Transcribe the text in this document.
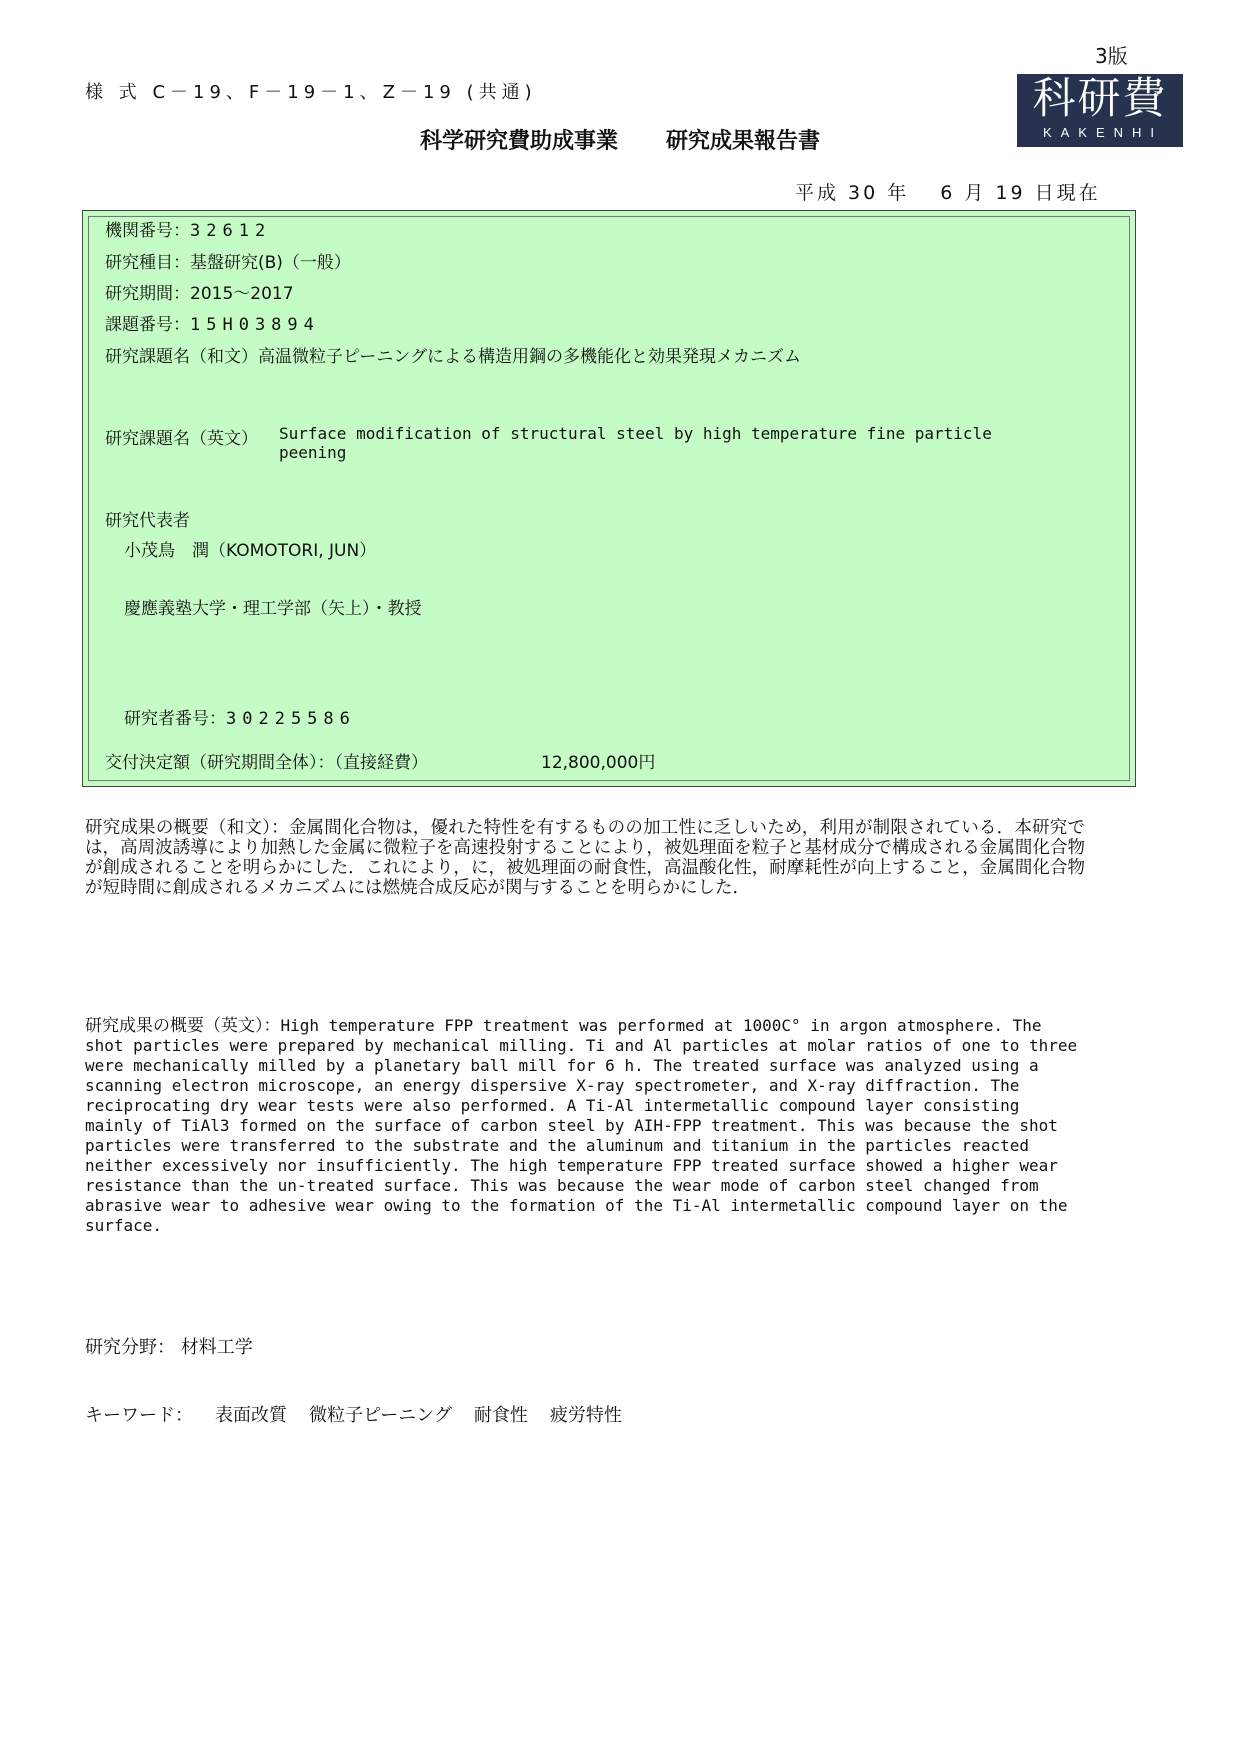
3版
様 式 C－19、F－19－1、Z－19 (共通)
科学研究費助成事業 研究成果報告書
科研費
KAKENHI
平成 30 年　 6 月 19 日現在
機関番号：32612
研究種目：基盤研究(B)（一般）
研究期間：2015～2017
課題番号：15H03894
研究課題名（和文）高温微粒子ピーニングによる構造用鋼の多機能化と効果発現メカニズム
研究課題名（英文） Surface modification of structural steel by high temperature fine particle
peening
研究代表者
小茂鳥　潤（KOMOTORI, JUN）
慶應義塾大学・理工学部（矢上）・教授
研究者番号：30225586
交付決定額（研究期間全体）：（直接経費）	12,800,000円
研究成果の概要（和文）：金属間化合物は，優れた特性を有するものの加工性に乏しいため，利用が制限されている．本研究では，高周波誘導により加熱した金属に微粒子を高速投射することにより，被処理面を粒子と基材成分で構成される金属間化合物が創成されることを明らかにした．これにより，に，被処理面の耐食性，高温酸化性，耐摩耗性が向上すること，金属間化合物が短時間に創成されるメカニズムには燃焼合成反応が関与することを明らかにした．
研究成果の概要（英文）：High temperature FPP treatment was performed at 1000C° in argon atmosphere. The shot particles were prepared by mechanical milling. Ti and Al particles at molar ratios of one to three were mechanically milled by a planetary ball mill for 6 h. The treated surface was analyzed using a scanning electron microscope, an energy dispersive X-ray spectrometer, and X-ray diffraction. The reciprocating dry wear tests were also performed. A Ti-Al intermetallic compound layer consisting mainly of TiAl3 formed on the surface of carbon steel by AIH-FPP treatment. This was because the shot particles were transferred to the substrate and the aluminum and titanium in the particles reacted neither excessively nor insufficiently. The high temperature FPP treated surface showed a higher wear resistance than the un-treated surface. This was because the wear mode of carbon steel changed from abrasive wear to adhesive wear owing to the formation of the Ti-Al intermetallic compound layer on the surface.
研究分野： 材料工学
キーワード： 表面改質 微粒子ピーニング 耐食性 疲労特性
